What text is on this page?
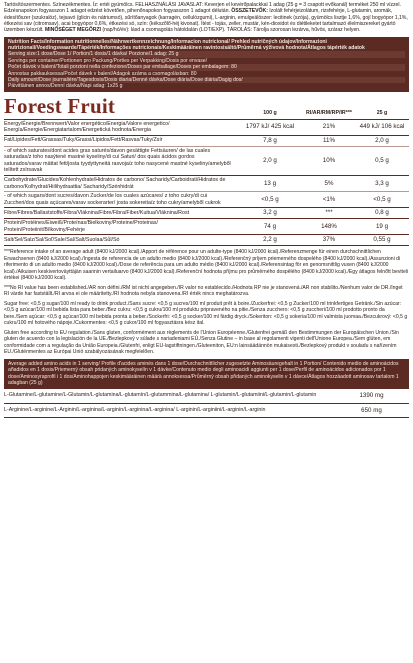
Tartósítószermentes. Színezékmentes. Íz: ertéi gyümölcs. FELHASZNÁLÁSI JAVASLAT: Keverjen el kevérőpalackkal 1 adag (25 g = 3 csapott evőkanál) terméket 250 ml vízzel. Edzésnapokon fogyasszon 1 adagot edzést követően, pihenőnapokon fogyasszon 1 adagot délután. ÖSSZETEVŐK: Izolált fehérjeizolátum, rizsfehérje, L-glutamin, aromák, édesítőszer (szukralóz), tejsavó (glicin és nátriumsó), sűrítőanyagok (karragén, cellulózgumi), L-arginin, emulgeálószer: lecitinek (szója), gyümölcs lisztje 1,6%, gojí bogyópor 1,1%, étkezési sav (citromsav), acai bogyópor 0,6%, étkezési só, szín: (kékszőlő-héj kivonat). Ítést - tojás, zeller, mustár, kén-dioxidot és diétileketet tartalmazó élelmiszereket gyártó üzemben készült. MINŐSÉGET MEGŐRZI (nap/hó/év): lásd a csomagolás hátoldalán (LOT/EXP). TÁROLÁS: Tárolja szorosan lezárva, hűvös, száraz helyen.
Nutrition Facts/Information nutritionnelles/Nährwertkennzeichnung/Informacion nutricional/ Prehled nutričných údajov/Informazioni nutrizionali/Voedingswaarde/Tápérték/Informações nutricionais/Keskimääräinen ravintosisältö/Průměrná výživová hodnota/Átlagos tápérték adatok
Serving size:1 dose/Dose 1/ Portion/1 dosis/1 dávka/ Porzione/1 adag: 25 g
Servings per container/Portionen pro Packung/Porties per Verpakking/Dosis por envase/
Počet dávok v balení/Totali porzioni nella confezione/Doses par emballage/Doses per embalagem: 80
Annostas pakkauksessa/Počet dávek v balení/Adagok száma a csomagolásban: 80
Daily amount/Dose journalière/Tagesdosis/Dosis diaria/Denné dávka/Dose diária/Dose diária/Dagig dos/
Päivittäinen annos/Denní dávka/Napi adag: 1x25 g
Forest Fruit	100 g	RI/AR/RM/RP/IR***	25 g
Energy/Énergie/Brennwert/Valor energético/Energia/Valore energetico/ Energía/Energie/Energiatartalom/Energetická hodnota/Energia	1797 kJ/ 425 kcal	21%	449 kJ/ 106 kcal
Fat/Lipides/Fett/Grassas/Tuky/Grassi/Lipidos/Fett/Rasvas/Tuky/Zsír	7,8 g	11%	2,0 g
- of which saturates/dont acides gras saturés/davon gesättigte Fettsäuren/ de las cuales saturadas/z toho nasýtené mastné kyseliny/di cui Saturi/ dos quais ácidos gordos saturados/varav mättat fett/josta tyydyttyneitä rasvoja/z toho nasycené mastné kyseliny/amelyből telített zsírsavak	2,0 g	10%	0,5 g
Carbohydrate/Glucides/Kohlenhydrate/Hidratos de carbono/ Sacharidy/Carboidrati/Hidratos de carbono/Kolhydrat/Hiilihydraattia/ Sacharidy/Szénhidrát	13 g	5%	3,3 g
- of which sugars/dont sucres/davon Zucker/de los cuales azúcares/ z toho cukry/di cui Zuccheri/dos quais açúcares/varav sockerarter/ josta sokereita/z toho cukry/amelyből cukrok	<0,5 g	<1%	<0,5 g
Fibre/Fibres/Ballaststoffe/Fibra/Vláknina/Fibre/Fibra/Fiber/Kuitua/Vláknina/Rost	3,2 g	***	0,8 g
Protein/Protéines/Eiweiß/Proteínas/Bielkoviny/Proteine/Proteinas/ Protein/Proteiinit/Bílkoviny/Fehérje	74 g	148%	19 g
Salt/Sel/Salz/Sal/Soľ/Sale/Sal/Salt/Suolaa/Sůl/Só	2,2 g	37%	0,55 g

***Reference intake of an average adult (8400 kJ/2000 kcal)./Apport de référence pour un adulte-type (8400 kJ/2000 kcal)./Referenzmenge für einen durchschnittlichen Erwachsenen (8400 kJ/2000 kcal)./Ingesta de referencia de un adulto medio (8400 kJ/2000 kcal)./Referenčný príjem priemerného dospelého (8400 kJ/2000 kcal)./Assunzioni di riferimento di un adulto medio (8400 kJ/2000 kcal)./Dose de referência para um adulto médio (8400 kJ/2000 kcal)./Referensintag för en genomsnittlig vuxen (8400 kJ/2000 kcal)./Aikuisen keskivertoväyttäjän saannin vertailuarvo (8400 kJ/2000 kcal)./Referenční hodnota příjmu pro průměrného dospělého (8400 kJ/2000 kcal)./Egy átlagos felnőtt beviteli értékei (8400 kJ/2000 kcal).

***No RI value has been established./AR non défini./RM ist nicht angegeben./IR valor no establecido./Hodnota RP nie je stanovená./AR non stabilito./Nenhum valor de DR./Inget RI värde har fastställt./RI arvoa ei ole määritetty./RI hodnota nebyla stanovena./RI érték nincs meghatározva.

Sugar free: <0,5 g sugar/100 ml ready to drink product./Sans sucre: <0,5 g sucres/100 ml produit prêt à boire./Zuckerfrei: <0,5 g Zucker/100 ml trinkfertiges Getränk./Sin azúcar: <0,5 g azúcar/100 ml bebida lista para beber./Bez cukru: <0,5 g cukru/100 ml produktu pripraveného na pitie./Senza zucchero: <0,5 g zuccheri/100 ml prodotto pronto da bere./Sem açúcar: <0,5 g açúcar/100 ml bebida pronta a beber./Sockerfri: <0,5 g socker/100 ml färdig dryck./Sokeriton: <0,5 g sokeria/100 ml valmista juomaa./Bezcukrový: <0,5 g cukru/100 ml hotového nápoje./Cukormentes: <0,5 g cukor/100 ml fogyasztásra kész ital.

Gluten free according to EU regulation./Sans gluten, conformément aux règlements de l'Union Européenne./Glutenfrei gemäß den Bestimmungen der Europäischen Union./Sin gluten de acuerdo con la legislación de la UE./Bezlepkový v súlade s nariadeniami EÚ./Senza Glutine – in base al regolamenti vigenti dell'Unione Europea./Sem glúten, em conformidade com a regulação da União Europeia./Glutenfri, enligt EU-lagstiftningen./Gluteeniton, EU:n lainsäädännön mukaisesti./Bezlepkový produkt v souladu s nařízením EU./Gluténmentes az Európai Unió szabályozásának megfelelően.

Average added amino acids in 1 serving/ Profile d'acides aminés dans 1 dose/Durchschnittlicher zugesetzte Aminosäuregehalt in 1 Portion/ Contenido medio de aminoácidos añadidos en 1 dosis/Priemerný obsah pridaných aminokyselín v 1 dávke/Contenuto medio degli aminoacidi aggiunti per 1 dose/Perfil de aminoácidos adicionados por 1 dose/Aminosyraprofil i 1 dos/Aminohappojen keskimääräinen määrä annoksessa/Průměrný obsah přidaných aminokyselin v 1 dávce/Átlagos hozzáadott aminosav tartalom 1 adagban (25 g)
L-Glutamine/L-glutamine/L-Glutamin/L-glutamina/L-glutamín/L-glutammina/L-glutamina/ L-glutamin/L-glutamiini/L-glutamin/L-glutamin	1390 mg
L-Arginine/L-arginine/L-Arginin/L-arginina/L-arginín/L-arginina/L-arginina/ L-arginin/L-arginiini/L-arginin/L-arginin	650 mg
